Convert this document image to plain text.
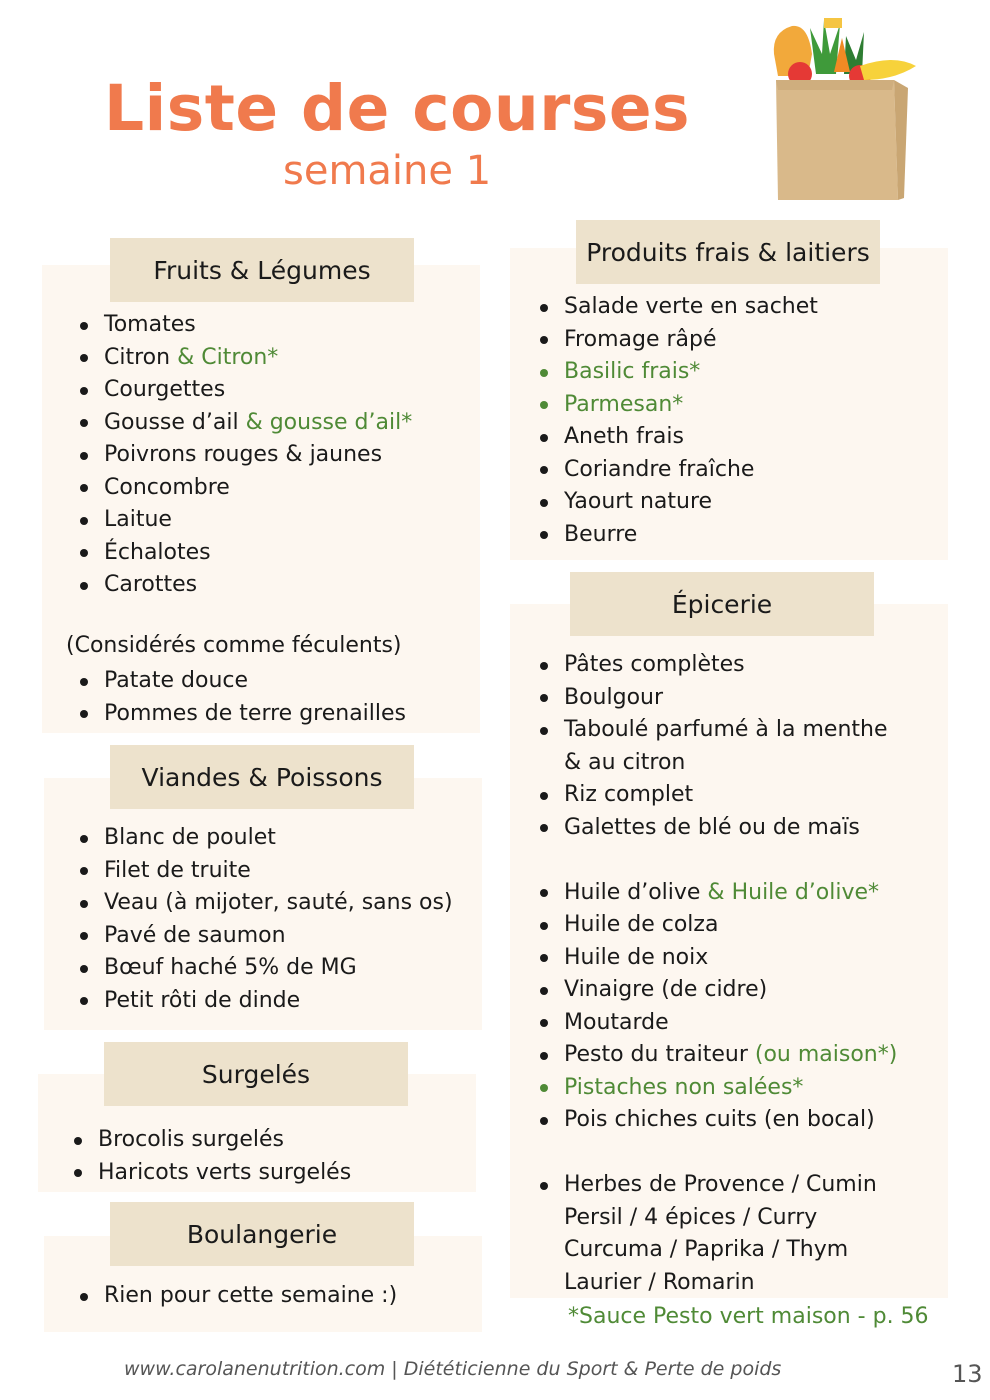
Liste de courses
semaine 1
Fruits & Légumes
Tomates
Citron & Citron*
Courgettes
Gousse d’ail & gousse d’ail*
Poivrons rouges & jaunes
Concombre
Laitue
Échalotes
Carottes
(Considérés comme féculents)
Patate douce
Pommes de terre grenailles
Viandes & Poissons
Blanc de poulet
Filet de truite
Veau (à mijoter, sauté, sans os)
Pavé de saumon
Bœuf haché 5% de MG
Petit rôti de dinde
Surgelés
Brocolis surgelés
Haricots verts surgelés
Boulangerie
Rien pour cette semaine :)
Produits frais & laitiers
Salade verte en sachet
Fromage râpé
Basilic frais*
Parmesan*
Aneth frais
Coriandre fraîche
Yaourt nature
Beurre
Épicerie
Pâtes complètes
Boulgour
Taboulé parfumé à la menthe
& au citron
Riz complet
Galettes de blé ou de maïs
Huile d’olive & Huile d’olive*
Huile de colza
Huile de noix
Vinaigre (de cidre)
Moutarde
Pesto du traiteur (ou maison*)
Pistaches non salées*
Pois chiches cuits (en bocal)
Herbes de Provence / Cumin
Persil / 4 épices / Curry
Curcuma / Paprika / Thym
Laurier / Romarin
*Sauce Pesto vert maison - p. 56
www.carolanenutrition.com | Diététicienne du Sport & Perte de poids	13
